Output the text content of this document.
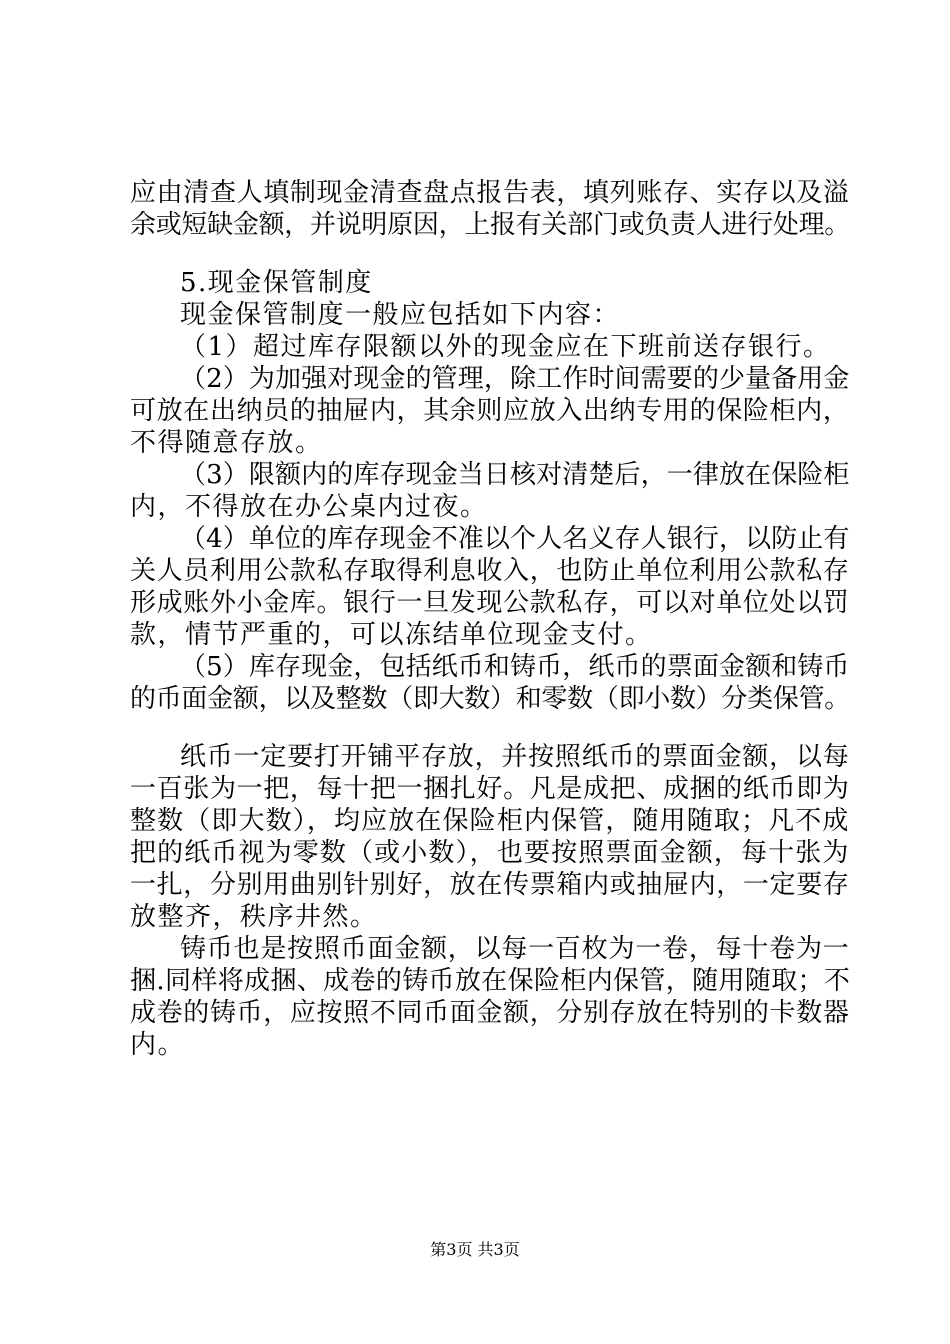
应由清查人填制现金清查盘点报告表，填列账存、实存以及溢
余或短缺金额，并说明原因，上报有关部门或负责人进行处理。
5.现金保管制度
现金保管制度一般应包括如下内容：
（1）超过库存限额以外的现金应在下班前送存银行。
（2）为加强对现金的管理，除工作时间需要的少量备用金
可放在出纳员的抽屉内，其余则应放入出纳专用的保险柜内，
不得随意存放。
（3）限额内的库存现金当日核对清楚后，一律放在保险柜
内，不得放在办公桌内过夜。
（4）单位的库存现金不准以个人名义存人银行，以防止有
关人员利用公款私存取得利息收入，也防止单位利用公款私存
形成账外小金库。银行一旦发现公款私存，可以对单位处以罚
款，情节严重的，可以冻结单位现金支付。
（5）库存现金，包括纸币和铸币，纸币的票面金额和铸币
的币面金额，以及整数（即大数）和零数（即小数）分类保管。
纸币一定要打开铺平存放，并按照纸币的票面金额，以每
一百张为一把，每十把一捆扎好。凡是成把、成捆的纸币即为
整数（即大数），均应放在保险柜内保管，随用随取；凡不成
把的纸币视为零数（或小数），也要按照票面金额，每十张为
一扎，分别用曲别针别好，放在传票箱内或抽屉内，一定要存
放整齐，秩序井然。
铸币也是按照币面金额，以每一百枚为一卷，每十卷为一
捆.同样将成捆、成卷的铸币放在保险柜内保管，随用随取；不
成卷的铸币，应按照不同币面金额，分别存放在特别的卡数器
内。
第3页 共3页
